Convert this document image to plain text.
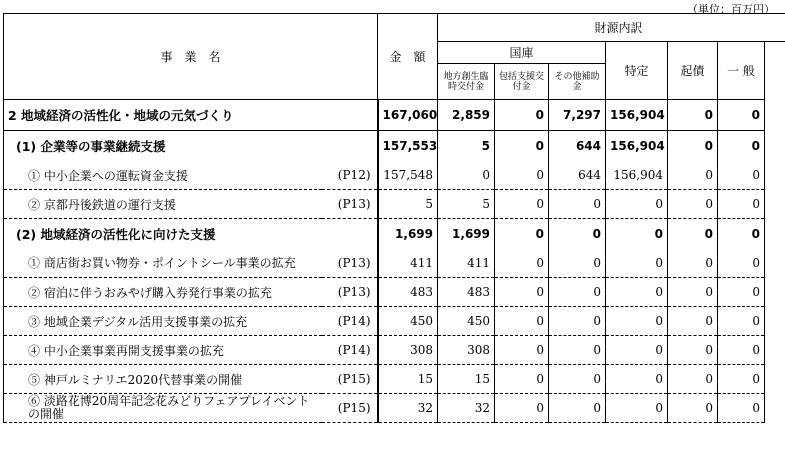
（単位：百万円）
事　業　名		金　額	財源内訳					
			国庫			特定	起債	一 般
			地方創生臨時交付金	包括支援交付金	その他補助金			
2 地域経済の活性化・地域の元気づくり		167,060	2,859	0	7,297	156,904	0	0
(1) 企業等の事業継続支援		157,553	5	0	644	156,904	0	0
① 中小企業への運転資金支援	(P12)	157,548	0	0	644	156,904	0	0
② 京都丹後鉄道の運行支援	(P13)	5	5	0	0	0	0	0
(2) 地域経済の活性化に向けた支援		1,699	1,699	0	0	0	0	0
① 商店街お買い物券・ポイントシール事業の拡充	(P13)	411	411	0	0	0	0	0
② 宿泊に伴うおみやげ購入券発行事業の拡充	(P13)	483	483	0	0	0	0	0
③ 地域企業デジタル活用支援事業の拡充	(P14)	450	450	0	0	0	0	0
④ 中小企業事業再開支援事業の拡充	(P14)	308	308	0	0	0	0	0
⑤ 神戸ルミナリエ2020代替事業の開催	(P15)	15	15	0	0	0	0	0
⑥ 淡路花博20周年記念花みどりフェアプレイベントの開催	(P15)	32	32	0	0	0	0	0
